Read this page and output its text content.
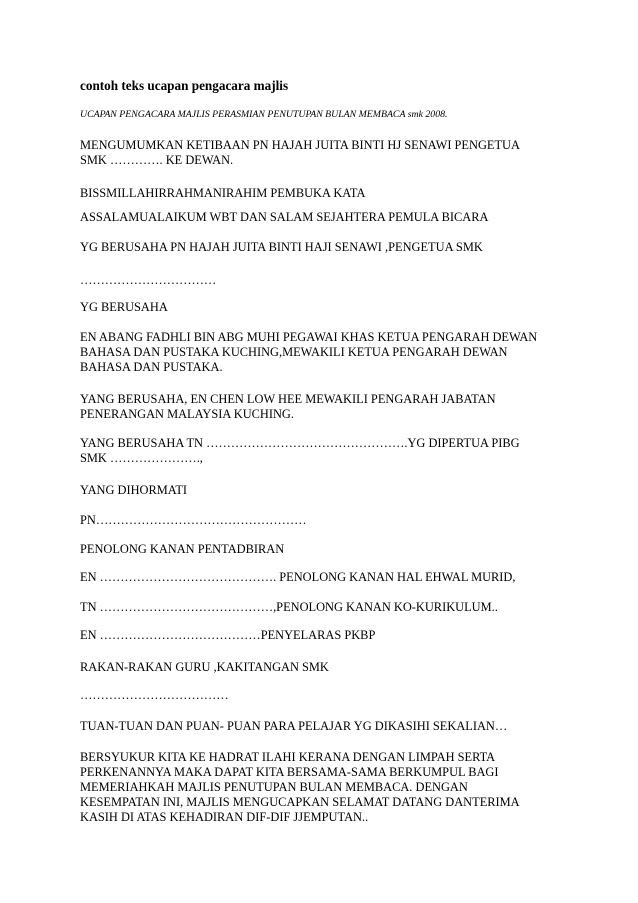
contoh teks ucapan pengacara majlis
UCAPAN PENGACARA MAJLIS PERASMIAN PENUTUPAN BULAN MEMBACA smk 2008.
MENGUMUMKAN KETIBAAN PN HAJAH JUITA BINTI HJ SENAWI PENGETUA
SMK …………. KE DEWAN.
BISSMILLAHIRRAHMANIRAHIM PEMBUKA KATA
ASSALAMUALAIKUM WBT DAN SALAM SEJAHTERA PEMULA BICARA
YG BERUSAHA PN HAJAH JUITA BINTI HAJI SENAWI ,PENGETUA SMK
……………………………
YG BERUSAHA
EN ABANG FADHLI BIN ABG MUHI PEGAWAI KHAS KETUA PENGARAH DEWAN
BAHASA DAN PUSTAKA KUCHING,MEWAKILI KETUA PENGARAH DEWAN
BAHASA DAN PUSTAKA.
YANG BERUSAHA, EN CHEN LOW HEE MEWAKILI PENGARAH JABATAN
PENERANGAN MALAYSIA KUCHING.
YANG BERUSAHA TN ………………………………………….YG DIPERTUA PIBG
SMK ………………….,
YANG DIHORMATI
PN……………………………………………
PENOLONG KANAN PENTADBIRAN
EN ……………………………………. PENOLONG KANAN HAL EHWAL MURID,
TN ……………………………………,PENOLONG KANAN KO-KURIKULUM..
EN …………………………………PENYELARAS PKBP
RAKAN-RAKAN GURU ,KAKITANGAN SMK
………………………………
TUAN-TUAN DAN PUAN- PUAN PARA PELAJAR YG DIKASIHI SEKALIAN…
BERSYUKUR KITA KE HADRAT ILAHI KERANA DENGAN LIMPAH SERTA
PERKENANNYA MAKA DAPAT KITA BERSAMA-SAMA BERKUMPUL BAGI
MEMERIAHKAH MAJLIS PENUTUPAN BULAN MEMBACA. DENGAN
KESEMPATAN INI, MAJLIS MENGUCAPKAN SELAMAT DATANG DANTERIMA
KASIH DI ATAS KEHADIRAN DIF-DIF JJEMPUTAN..
